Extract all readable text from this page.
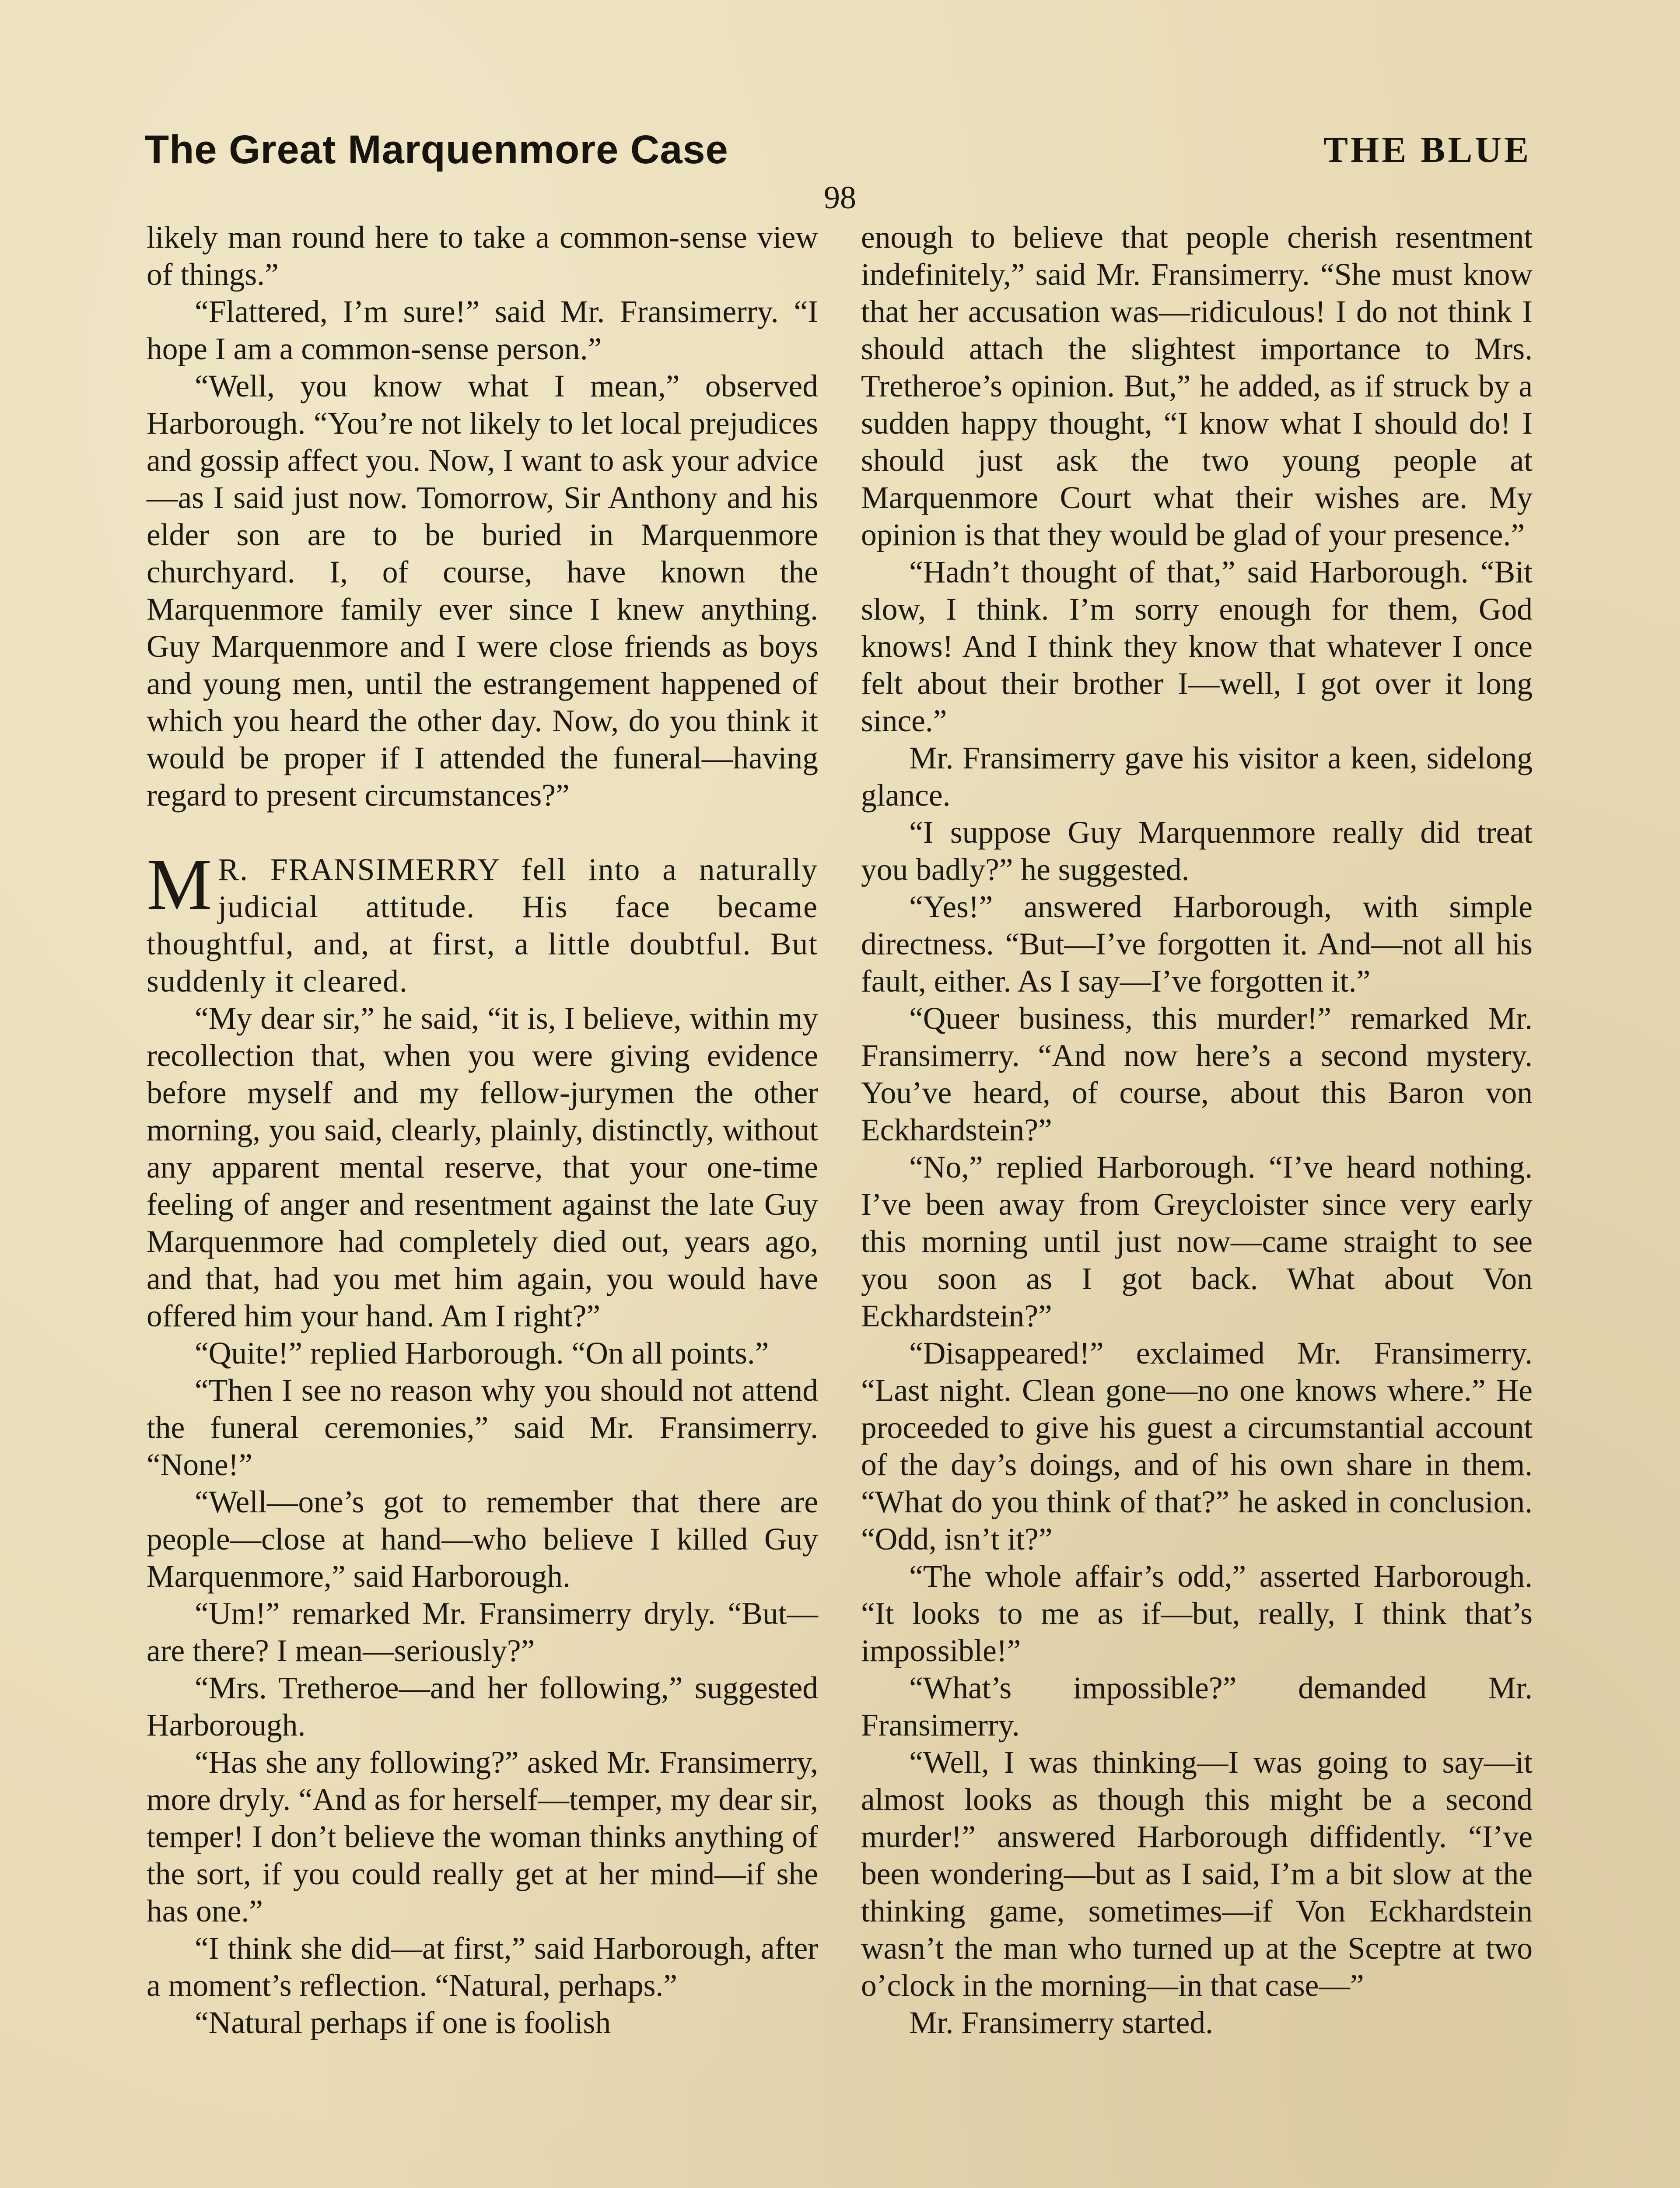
The Great Marquenmore Case	THE BLUE
98

likely man round here to take a common-sense view of things.”

“Flattered, I’m sure!” said Mr. Fransimerry. “I hope I am a common-sense person.”

“Well, you know what I mean,” observed Harborough. “You’re not likely to let local prejudices and gossip affect you. Now, I want to ask your advice—as I said just now. Tomorrow, Sir Anthony and his elder son are to be buried in Marquenmore churchyard. I, of course, have known the Marquenmore family ever since I knew anything. Guy Marquenmore and I were close friends as boys and young men, until the estrangement happened of which you heard the other day. Now, do you think it would be proper if I attended the funeral—having regard to present circumstances?”

M R. FRANSIMERRY fell into a naturally judicial attitude. His face became thoughtful, and, at first, a little doubtful. But suddenly it cleared.

“My dear sir,” he said, “it is, I believe, within my recollection that, when you were giving evidence before myself and my fellow-jurymen the other morning, you said, clearly, plainly, distinctly, without any apparent mental reserve, that your one-time feeling of anger and resentment against the late Guy Marquenmore had completely died out, years ago, and that, had you met him again, you would have offered him your hand. Am I right?”

“Quite!” replied Harborough. “On all points.”

“Then I see no reason why you should not attend the funeral ceremonies,” said Mr. Fransimerry. “None!”

“Well—one’s got to remember that there are people—close at hand—who believe I killed Guy Marquenmore,” said Harborough.

“Um!” remarked Mr. Fransimerry dryly. “But—are there? I mean—seriously?”

“Mrs. Tretheroe—and her following,” suggested Harborough.

“Has she any following?” asked Mr. Fransimerry, more dryly. “And as for herself—temper, my dear sir, temper! I don’t believe the woman thinks anything of the sort, if you could really get at her mind—if she has one.”

“I think she did—at first,” said Harborough, after a moment’s reflection. “Natural, perhaps.”

“Natural perhaps if one is foolish

enough to believe that people cherish resentment indefinitely,” said Mr. Fransimerry. “She must know that her accusation was—ridiculous! I do not think I should attach the slightest importance to Mrs. Tretheroe’s opinion. But,” he added, as if struck by a sudden happy thought, “I know what I should do! I should just ask the two young people at Marquenmore Court what their wishes are. My opinion is that they would be glad of your presence.”

“Hadn’t thought of that,” said Harborough. “Bit slow, I think. I’m sorry enough for them, God knows! And I think they know that whatever I once felt about their brother I—well, I got over it long since.”

Mr. Fransimerry gave his visitor a keen, sidelong glance.

“I suppose Guy Marquenmore really did treat you badly?” he suggested.

“Yes!” answered Harborough, with simple directness. “But—I’ve forgotten it. And—not all his fault, either. As I say—I’ve forgotten it.”

“Queer business, this murder!” remarked Mr. Fransimerry. “And now here’s a second mystery. You’ve heard, of course, about this Baron von Eckhardstein?”

“No,” replied Harborough. “I’ve heard nothing. I’ve been away from Greycloister since very early this morning until just now—came straight to see you soon as I got back. What about Von Eckhardstein?”

“Disappeared!” exclaimed Mr. Fransimerry. “Last night. Clean gone—no one knows where.” He proceeded to give his guest a circumstantial account of the day’s doings, and of his own share in them. “What do you think of that?” he asked in conclusion. “Odd, isn’t it?”

“The whole affair’s odd,” asserted Harborough. “It looks to me as if—but, really, I think that’s impossible!”

“What’s impossible?” demanded Mr. Fransimerry.

“Well, I was thinking—I was going to say—it almost looks as though this might be a second murder!” answered Harborough diffidently. “I’ve been wondering—but as I said, I’m a bit slow at the thinking game, sometimes—if Von Eckhardstein wasn’t the man who turned up at the Sceptre at two o’clock in the morning—in that case—”

Mr. Fransimerry started.
